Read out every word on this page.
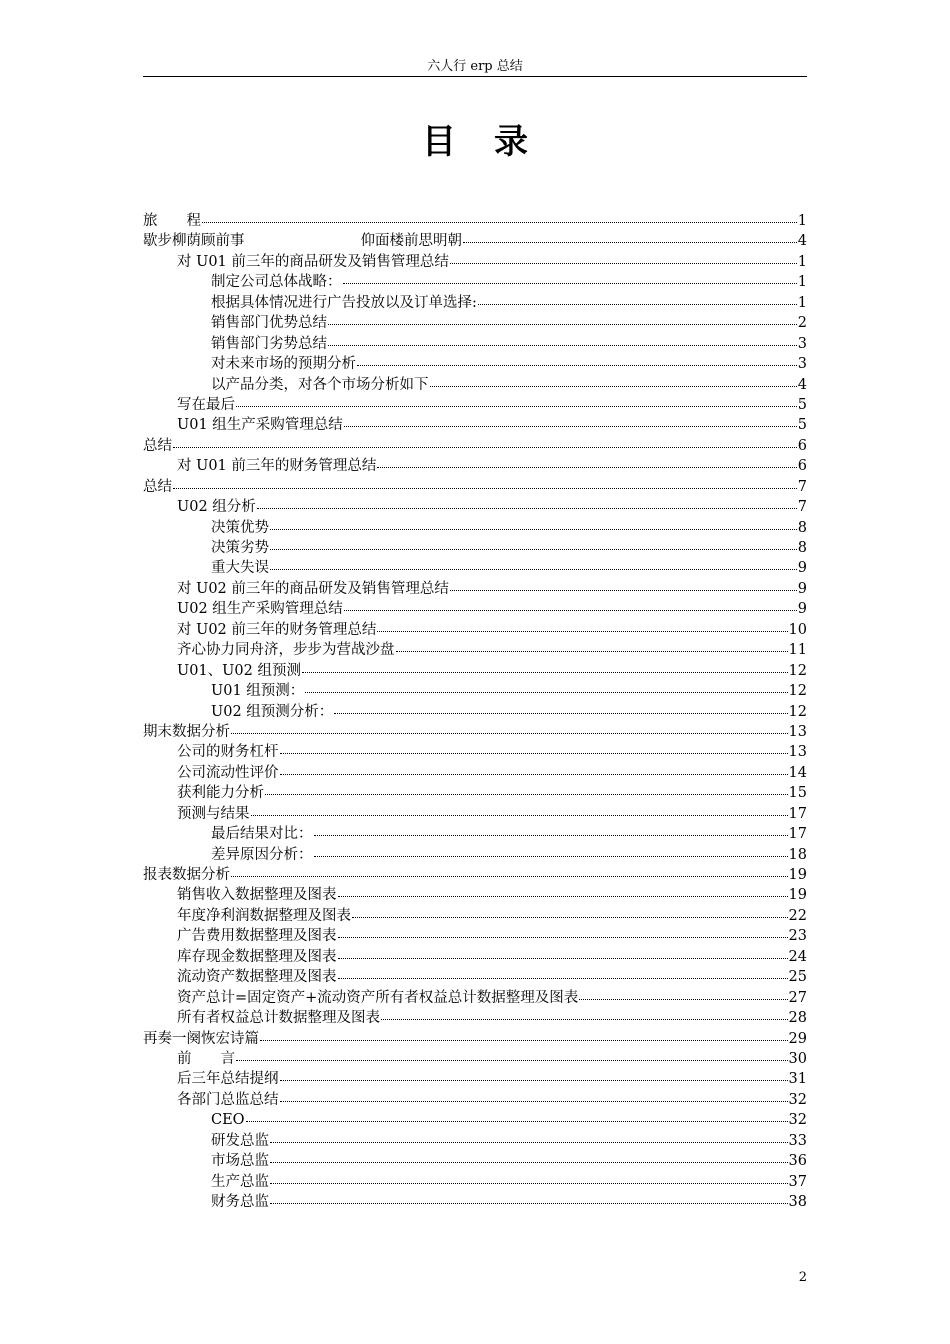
六人行 erp 总结
目录
旅　　程	1
歇步柳荫顾前事　　　　　　　　仰面楼前思明朝	4
对 U01 前三年的商品研发及销售管理总结	1
制定公司总体战略：	1
根据具体情况进行广告投放以及订单选择:	1
销售部门优势总结	2
销售部门劣势总结	3
对未来市场的预期分析	3
以产品分类，对各个市场分析如下	4
写在最后	5
U01 组生产采购管理总结	5
总结	6
对 U01 前三年的财务管理总结	6
总结	7
U02 组分析	7
决策优势	8
决策劣势	8
重大失误	9
对 U02 前三年的商品研发及销售管理总结	9
U02 组生产采购管理总结	9
对 U02 前三年的财务管理总结	10
齐心协力同舟济，步步为营战沙盘	11
U01、U02 组预测	12
U01 组预测：	12
U02 组预测分析：	12
期末数据分析	13
公司的财务杠杆	13
公司流动性评价	14
获利能力分析	15
预测与结果	17
最后结果对比：	17
差异原因分析：	18
报表数据分析	19
销售收入数据整理及图表	19
年度净利润数据整理及图表	22
广告费用数据整理及图表	23
库存现金数据整理及图表	24
流动资产数据整理及图表	25
资产总计=固定资产+流动资产所有者权益总计数据整理及图表	27
所有者权益总计数据整理及图表	28
再奏一阕恢宏诗篇	29
前　　言	30
后三年总结提纲	31
各部门总监总结	32
CEO	32
研发总监	33
市场总监	36
生产总监	37
财务总监	38
2
